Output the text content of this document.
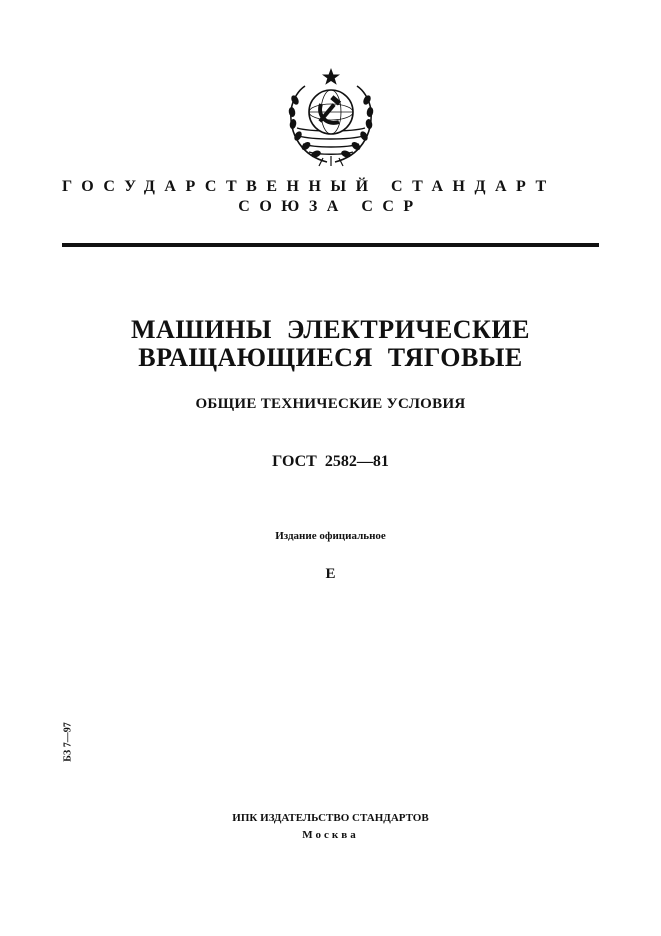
ГОСУДАРСТВЕННЫЙ СТАНДАРТ
СОЮЗА ССР
МАШИНЫ ЭЛЕКТРИЧЕСКИЕ
ВРАЩАЮЩИЕСЯ ТЯГОВЫЕ
ОБЩИЕ ТЕХНИЧЕСКИЕ УСЛОВИЯ
ГОСТ 2582—81
Издание официальное
Е
БЗ 7—97
ИПК ИЗДАТЕЛЬСТВО СТАНДАРТОВ
Москва
